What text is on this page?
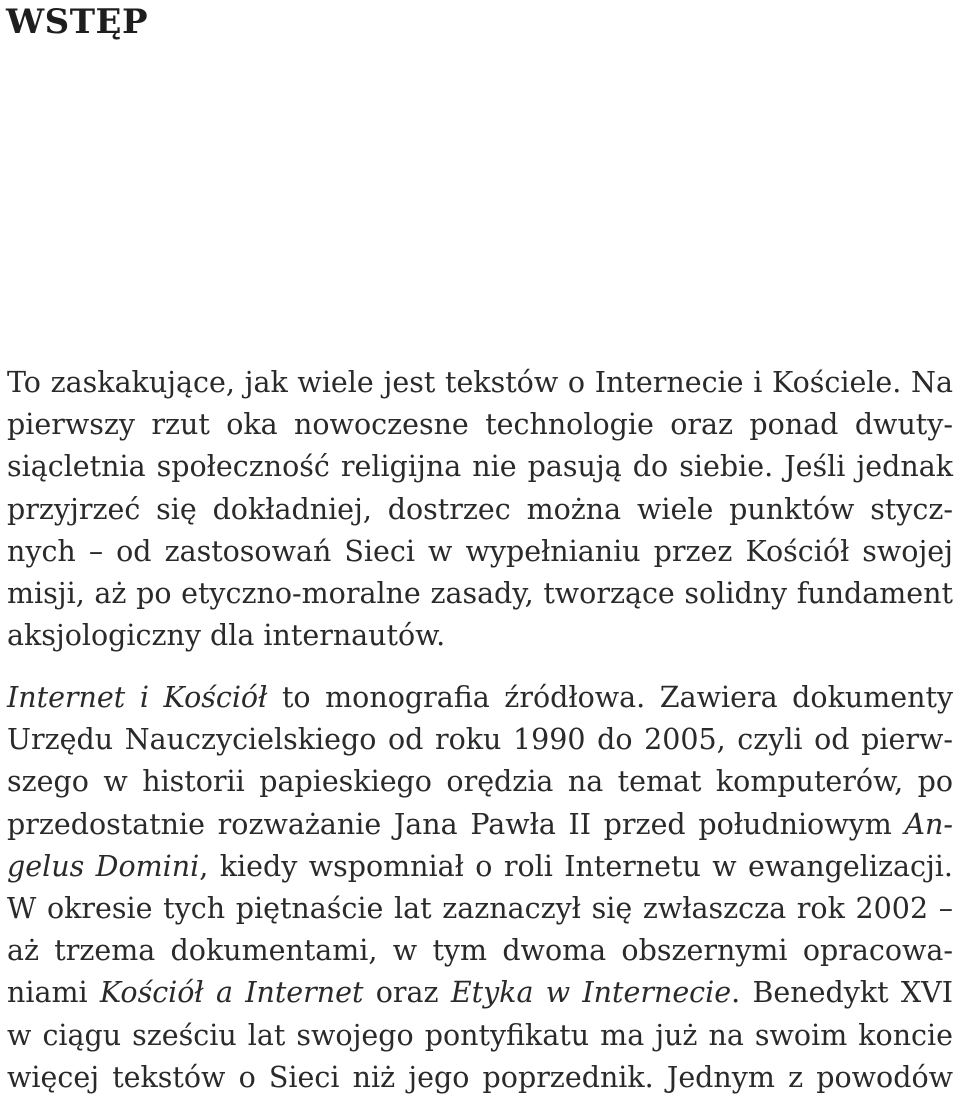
WSTĘP
To zaskakujące, jak wiele jest tekstów o Internecie i Kościele. Na
pierwszy rzut oka nowoczesne technologie oraz ponad dwuty-
siącletnia społeczność religijna nie pasują do siebie. Jeśli jednak
przyjrzeć się dokładniej, dostrzec można wiele punktów stycz-
nych – od zastosowań Sieci w wypełnianiu przez Kościół swojej
misji, aż po etyczno-moralne zasady, tworzące solidny fundament
aksjologiczny dla internautów.
Internet i Kościół to monografia źródłowa. Zawiera dokumenty
Urzędu Nauczycielskiego od roku 1990 do 2005, czyli od pierw-
szego w historii papieskiego orędzia na temat komputerów, po
przedostatnie rozważanie Jana Pawła II przed południowym An-
gelus Domini, kiedy wspomniał o roli Internetu w ewangelizacji.
W okresie tych piętnaście lat zaznaczył się zwłaszcza rok 2002 –
aż trzema dokumentami, w tym dwoma obszernymi opracowa-
niami Kościół a Internet oraz Etyka w Internecie. Benedykt XVI
w ciągu sześciu lat swojego pontyfikatu ma już na swoim koncie
więcej tekstów o Sieci niż jego poprzednik. Jednym z powodów
